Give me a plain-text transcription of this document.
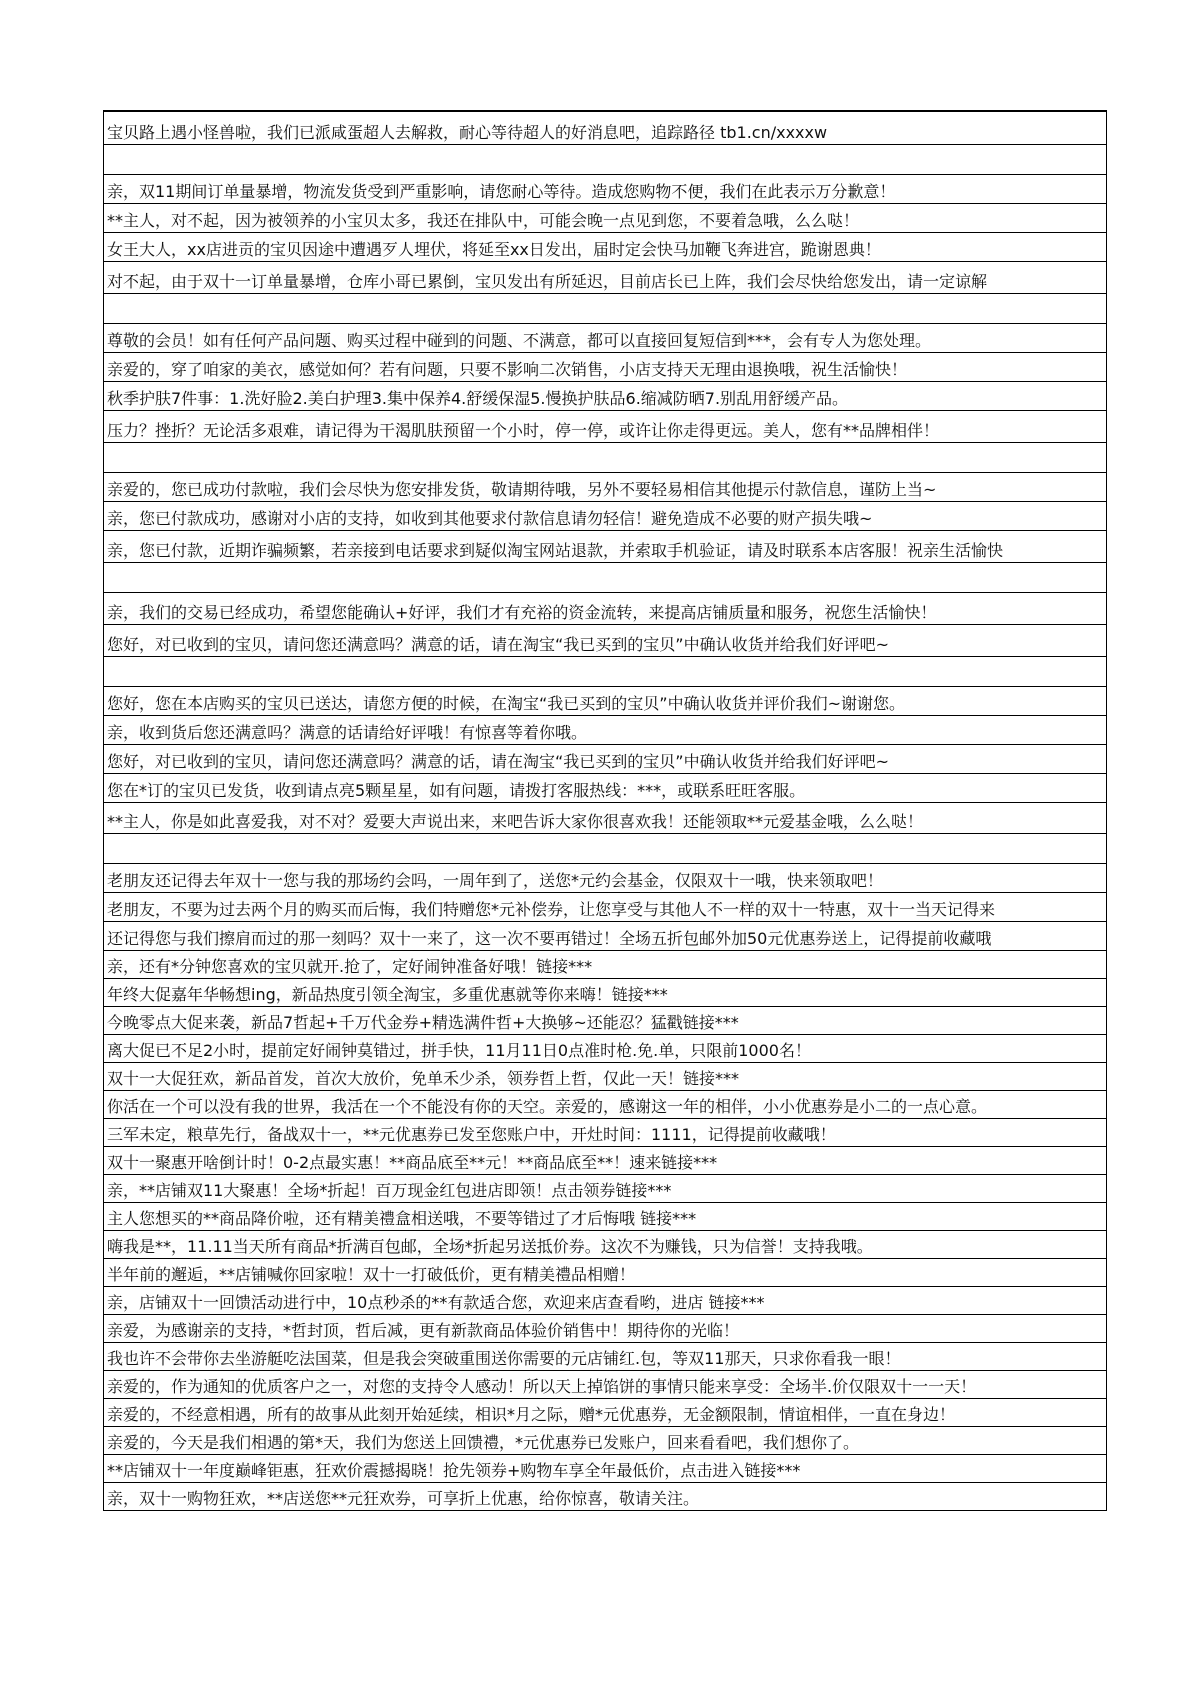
宝贝路上遇小怪兽啦，我们已派咸蛋超人去解救，耐心等待超人的好消息吧，追踪路径 tb1.cn/xxxxw
亲，双11期间订单量暴增，物流发货受到严重影响，请您耐心等待。造成您购物不便，我们在此表示万分歉意！
**主人，对不起，因为被领养的小宝贝太多，我还在排队中，可能会晚一点见到您，不要着急哦，么么哒！
女王大人，xx店进贡的宝贝因途中遭遇歹人埋伏，将延至xx日发出，届时定会快马加鞭飞奔进宫，跪谢恩典！
对不起，由于双十一订单量暴增，仓库小哥已累倒，宝贝发出有所延迟，目前店长已上阵，我们会尽快给您发出，请一定谅解
尊敬的会员！如有任何产品问题、购买过程中碰到的问题、不满意，都可以直接回复短信到***，会有专人为您处理。
亲爱的，穿了咱家的美衣，感觉如何？若有问题，只要不影响二次销售，小店支持天无理由退换哦，祝生活愉快！
秋季护肤7件事：1.洗好脸2.美白护理3.集中保养4.舒缓保湿5.慢换护肤品6.缩减防晒7.别乱用舒缓产品。
压力？挫折？无论活多艰难，请记得为干渴肌肤预留一个小时，停一停，或许让你走得更远。美人，您有**品牌相伴！
亲爱的，您已成功付款啦，我们会尽快为您安排发货，敬请期待哦，另外不要轻易相信其他提示付款信息，谨防上当~
亲，您已付款成功，感谢对小店的支持，如收到其他要求付款信息请勿轻信！避免造成不必要的财产损失哦~
亲，您已付款，近期诈骗频繁，若亲接到电话要求到疑似淘宝网站退款，并索取手机验证，请及时联系本店客服！祝亲生活愉快
亲，我们的交易已经成功，希望您能确认+好评，我们才有充裕的资金流转，来提高店铺质量和服务，祝您生活愉快！
您好，对已收到的宝贝，请问您还满意吗？满意的话，请在淘宝“我已买到的宝贝”中确认收货并给我们好评吧~
您好，您在本店购买的宝贝已送达，请您方便的时候，在淘宝“我已买到的宝贝”中确认收货并评价我们~谢谢您。
亲，收到货后您还满意吗？满意的话请给好评哦！有惊喜等着你哦。
您好，对已收到的宝贝，请问您还满意吗？满意的话，请在淘宝“我已买到的宝贝”中确认收货并给我们好评吧~
您在*订的宝贝已发货，收到请点亮5颗星星，如有问题，请拨打客服热线：***，或联系旺旺客服。
**主人，你是如此喜爱我，对不对？爱要大声说出来，来吧告诉大家你很喜欢我！还能领取**元爱基金哦，么么哒！
老朋友还记得去年双十一您与我的那场约会吗，一周年到了，送您*元约会基金，仅限双十一哦，快来领取吧！
老朋友，不要为过去两个月的购买而后悔，我们特赠您*元补偿券，让您享受与其他人不一样的双十一特惠，双十一当天记得来
还记得您与我们擦肩而过的那一刻吗？双十一来了，这一次不要再错过！全场五折包邮外加50元优惠券送上，记得提前收藏哦
亲，还有*分钟您喜欢的宝贝就开.抢了，定好闹钟准备好哦！链接***
年终大促嘉年华畅想ing，新品热度引领全淘宝，多重优惠就等你来嗨！链接***
今晚零点大促来袭，新品7哲起+千万代金券+精选满件哲+大换够~还能忍？猛戳链接***
离大促已不足2小时，提前定好闹钟莫错过，拼手快，11月11日0点准时枪.免.单，只限前1000名！
双十一大促狂欢，新品首发，首次大放价，免单禾少杀，领券哲上哲，仅此一天！链接***
你活在一个可以没有我的世界，我活在一个不能没有你的天空。亲爱的，感谢这一年的相伴，小小优惠券是小二的一点心意。
三军未定，粮草先行，备战双十一，**元优惠券已发至您账户中，开灶时间：1111，记得提前收藏哦！
双十一聚惠开啥倒计时！0-2点最实惠！**商品底至**元！**商品底至**！速来链接***
亲，**店铺双11大聚惠！全场*折起！百万现金红包进店即领！点击领券链接***
主人您想买的**商品降价啦，还有精美禮盒相送哦，不要等错过了才后悔哦 链接***
嗨我是**，11.11当天所有商品*折满百包邮，全场*折起另送抵价券。这次不为赚钱，只为信誉！支持我哦。
半年前的邂逅，**店铺喊你回家啦！双十一打破低价，更有精美禮品相赠！
亲，店铺双十一回馈活动进行中，10点秒杀的**有款适合您，欢迎来店查看哟，进店 链接***
亲爱，为感谢亲的支持，*哲封顶，哲后减，更有新款商品体验价销售中！期待你的光临！
我也许不会带你去坐游艇吃法国菜，但是我会突破重围送你需要的元店铺红.包，等双11那天，只求你看我一眼！
亲爱的，作为通知的优质客户之一，对您的支持令人感动！所以天上掉馅饼的事情只能来享受：全场半.价仅限双十一一天！
亲爱的，不经意相遇，所有的故事从此刻开始延续，相识*月之际，赠*元优惠券，无金额限制，情谊相伴，一直在身边！
亲爱的，今天是我们相遇的第*天，我们为您送上回馈禮，*元优惠券已发账户，回来看看吧，我们想你了。
**店铺双十一年度巅峰钜惠，狂欢价震撼揭晓！抢先领券+购物车享全年最低价，点击进入链接***
亲，双十一购物狂欢，**店送您**元狂欢券，可享折上优惠，给你惊喜，敬请关注。
